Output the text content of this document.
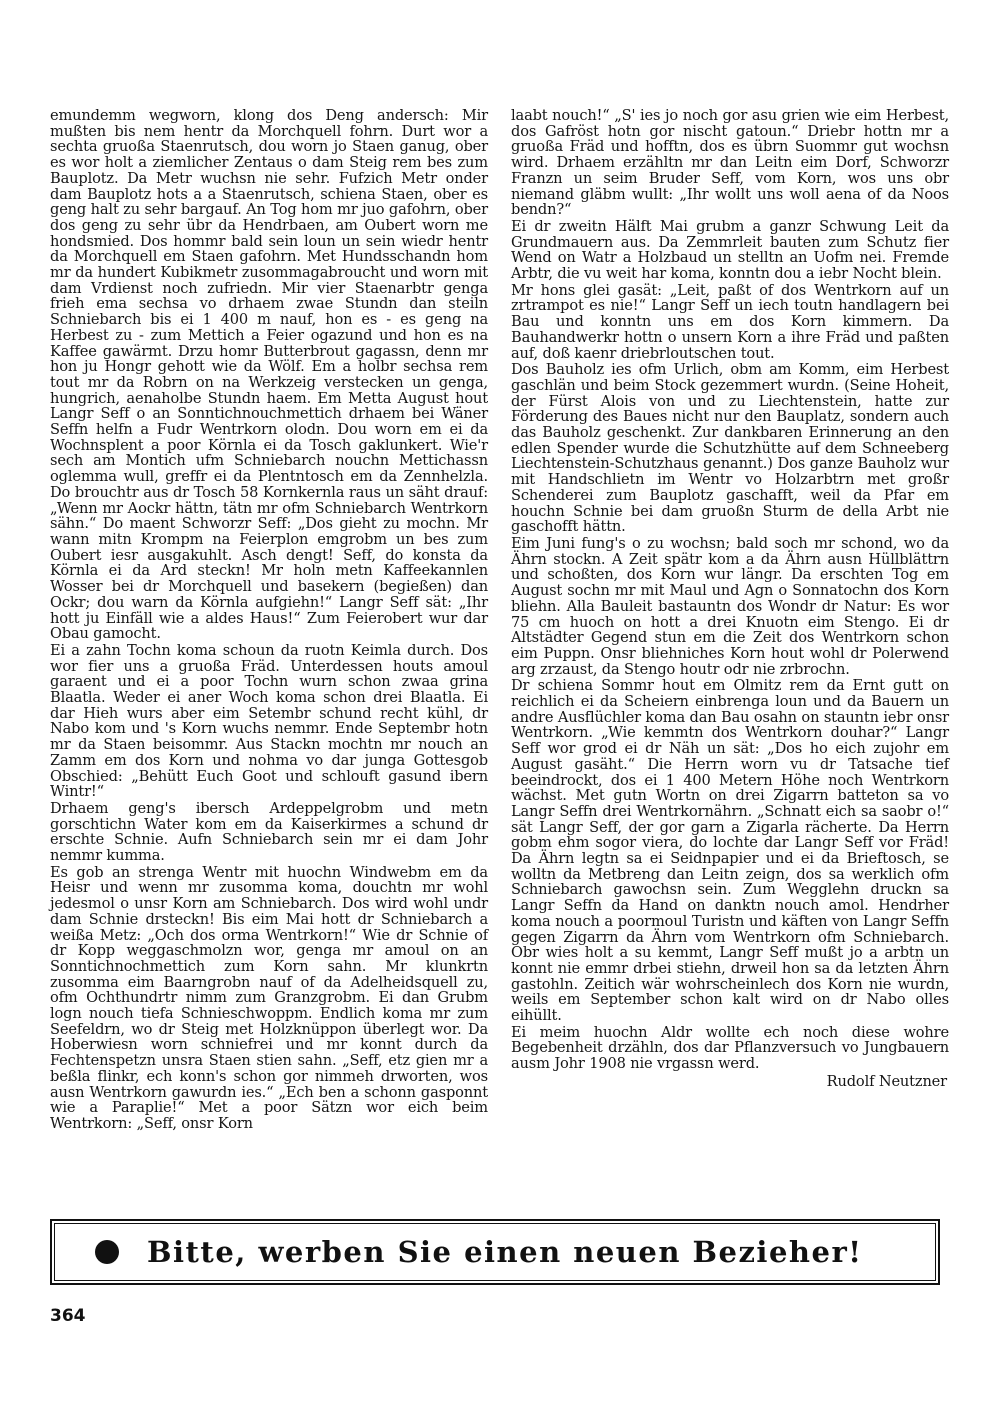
emundemm wegworn, klong dos Deng andersch: Mir mußten bis nem hentr da Morchquell fohrn. Durt wor a sechta gruoßa Staenrutsch, dou worn jo Staen ganug, ober es wor holt a ziemlicher Zentaus o dam Steig rem bes zum Bauplotz. Da Metr wuchsn nie sehr. Fufzich Metr onder dam Bauplotz hots a a Staenrutsch, schiena Staen, ober es geng halt zu sehr bargauf. An Tog hom mr juo gafohrn, ober dos geng zu sehr übr da Hendrbaen, am Oubert worn me hondsmied. Dos hommr bald sein loun un sein wiedr hentr da Morchquell em Staen gafohrn. Met Hundsschandn hom mr da hundert Kubikmetr zusommagabroucht und worn mit dam Vrdienst noch zufriedn. Mir vier Staenarbtr genga frieh ema sechsa vo drhaem zwae Stundn dan steiln Schniebarch bis ei 1 400 m nauf, hon es - es geng na Herbest zu - zum Mettich a Feier ogazund und hon es na Kaffee gawärmt. Drzu homr Butterbrout gagassn, denn mr hon ju Hongr gehott wie da Wölf. Em a holbr sechsa rem tout mr da Robrn on na Werkzeig verstecken un genga, hungrich, aenaholbe Stundn haem. Em Metta August hout Langr Seff o an Sonntichnouchmettich drhaem bei Wäner Seffn helfn a Fudr Wentrkorn olodn. Dou worn em ei da Wochnsplent a poor Körnla ei da Tosch gaklunkert. Wie'r sech am Montich ufm Schniebarch nouchn Mettichassn oglemma wull, greffr ei da Plentntosch em da Zennhelzla. Do brouchtr aus dr Tosch 58 Kornkernla raus un säht drauf: „Wenn mr Aockr hättn, tätn mr ofm Schniebarch Wentrkorn sähn.“ Do maent Schworzr Seff: „Dos gieht zu mochn. Mr wann mitn Krompm na Feierplon emgrobm un bes zum Oubert iesr ausgakuhlt. Asch dengt! Seff, do konsta da Körnla ei da Ard steckn! Mr holn metn Kaffeekannlen Wosser bei dr Morchquell und basekern (begießen) dan Ockr; dou warn da Körnla aufgiehn!“ Langr Seff sät: „Ihr hott ju Einfäll wie a aldes Haus!“ Zum Feierobert wur dar Obau gamocht.

Ei a zahn Tochn koma schoun da ruotn Keimla durch. Dos wor fier uns a gruoßa Fräd. Unterdessen houts amoul garaent und ei a poor Tochn wurn schon zwaa grina Blaatla. Weder ei aner Woch koma schon drei Blaatla. Ei dar Hieh wurs aber eim Setembr schund recht kühl, dr Nabo kom und 's Korn wuchs nemmr. Ende Septembr hotn mr da Staen beisommr. Aus Stackn mochtn mr nouch an Zamm em dos Korn und nohma vo dar junga Gottesgob Obschied: „Behütt Euch Goot und schlouft gasund ibern Wintr!“

Drhaem geng's ibersch Ardeppelgrobm und metn gorschtichn Water kom em da Kaiserkirmes a schund dr erschte Schnie. Aufn Schniebarch sein mr ei dam Johr nemmr kumma.

Es gob an strenga Wentr mit huochn Windwebm em da Heisr und wenn mr zusomma koma, douchtn mr wohl jedesmol o unsr Korn am Schniebarch. Dos wird wohl undr dam Schnie drsteckn! Bis eim Mai hott dr Schniebarch a weißa Metz: „Och dos orma Wentrkorn!“ Wie dr Schnie of dr Kopp weggaschmolzn wor, genga mr amoul on an Sonntichnochmettich zum Korn sahn. Mr klunkrtn zusomma eim Baarngrobn nauf of da Adelheidsquell zu, ofm Ochthundrtr nimm zum Granzgrobm. Ei dan Grubm logn nouch tiefa Schnieschwoppm. Endlich koma mr zum Seefeldrn, wo dr Steig met Holzknüppon überlegt wor. Da Hoberwiesn worn schniefrei und mr konnt durch da Fechtenspetzn unsra Staen stien sahn. „Seff, etz gien mr a beßla flinkr, ech konn's schon gor nimmeh drworten, wos ausn Wentrkorn gawurdn ies.“ „Ech ben a schonn gasponnt wie a Paraplie!“ Met a poor Sätzn wor eich beim Wentrkorn: „Seff, onsr Korn

laabt nouch!“ „S' ies jo noch gor asu grien wie eim Herbest, dos Gafröst hotn gor nischt gatoun.“ Driebr hottn mr a gruoßa Fräd und hofftn, dos es übrn Suommr gut wochsn wird. Drhaem erzähltn mr dan Leitn eim Dorf, Schworzr Franzn un seim Bruder Seff, vom Korn, wos uns obr niemand gläbm wullt: „Ihr wollt uns woll aena of da Noos bendn?“

Ei dr zweitn Hälft Mai grubm a ganzr Schwung Leit da Grundmauern aus. Da Zemmrleit bauten zum Schutz fier Wend on Watr a Holzbaud un stelltn an Uofm nei. Fremde Arbtr, die vu weit har koma, konntn dou a iebr Nocht blein.

Mr hons glei gasät: „Leit, paßt of dos Wentrkorn auf un zrtrampot es nie!“ Langr Seff un iech toutn handlagern bei Bau und konntn uns em dos Korn kimmern. Da Bauhandwerkr hottn o unsern Korn a ihre Fräd und paßten auf, doß kaenr driebrloutschen tout.

Dos Bauholz ies ofm Urlich, obm am Komm, eim Herbest gaschlän und beim Stock gezemmert wurdn. (Seine Hoheit, der Fürst Alois von und zu Liechtenstein, hatte zur Förderung des Baues nicht nur den Bauplatz, sondern auch das Bauholz geschenkt. Zur dankbaren Erinnerung an den edlen Spender wurde die Schutzhütte auf dem Schneeberg Liechtenstein-Schutzhaus genannt.) Dos ganze Bauholz wur mit Handschlietn im Wentr vo Holzarbtrn met großr Schenderei zum Bauplotz gaschafft, weil da Pfar em houchn Schnie bei dam gruoßn Sturm de della Arbt nie gaschofft hättn.

Eim Juni fung's o zu wochsn; bald soch mr schond, wo da Ährn stockn. A Zeit spätr kom a da Ährn ausn Hüllblättrn und schoßten, dos Korn wur längr. Da erschten Tog em August sochn mr mit Maul und Agn o Sonnatochn dos Korn bliehn. Alla Bauleit bastauntn dos Wondr dr Natur: Es wor 75 cm huoch on hott a drei Knuotn eim Stengo. Ei dr Altstädter Gegend stun em die Zeit dos Wentrkorn schon eim Puppn. Onsr bliehniches Korn hout wohl dr Polerwend arg zrzaust, da Stengo houtr odr nie zrbrochn.

Dr schiena Sommr hout em Olmitz rem da Ernt gutt on reichlich ei da Scheiern einbrenga loun und da Bauern un andre Ausflüchler koma dan Bau osahn on stauntn iebr onsr Wentrkorn. „Wie kemmtn dos Wentrkorn douhar?“ Langr Seff wor grod ei dr Näh un sät: „Dos ho eich zujohr em August gasäht.“ Die Herrn worn vu dr Tatsache tief beeindrockt, dos ei 1 400 Metern Höhe noch Wentrkorn wächst. Met gutn Wortn on drei Zigarrn batteton sa vo Langr Seffn drei Wentrkornährn. „Schnatt eich sa saobr o!“ sät Langr Seff, der gor garn a Zigarla rächerte. Da Herrn gobm ehm sogor viera, do lochte dar Langr Seff vor Fräd! Da Ährn legtn sa ei Seidnpapier und ei da Brieftosch, se wolltn da Metbreng dan Leitn zeign, dos sa werklich ofm Schniebarch gawochsn sein. Zum Wegglehn druckn sa Langr Seffn da Hand on danktn nouch amol. Hendrher koma nouch a poormoul Turistn und käften von Langr Seffn gegen Zigarrn da Ährn vom Wentrkorn ofm Schniebarch. Obr wies holt a su kemmt, Langr Seff mußt jo a arbtn un konnt nie emmr drbei stiehn, drweil hon sa da letzten Ährn gastohln. Zeitich wär wohrscheinlech dos Korn nie wurdn, weils em September schon kalt wird on dr Nabo olles eihüllt.

Ei meim huochn Aldr wollte ech noch diese wohre Begebenheit drzähln, dos dar Pflanzversuch vo Jungbauern ausm Johr 1908 nie vrgassn werd.

Rudolf Neutzner
Bitte, werben Sie einen neuen Bezieher!
364
